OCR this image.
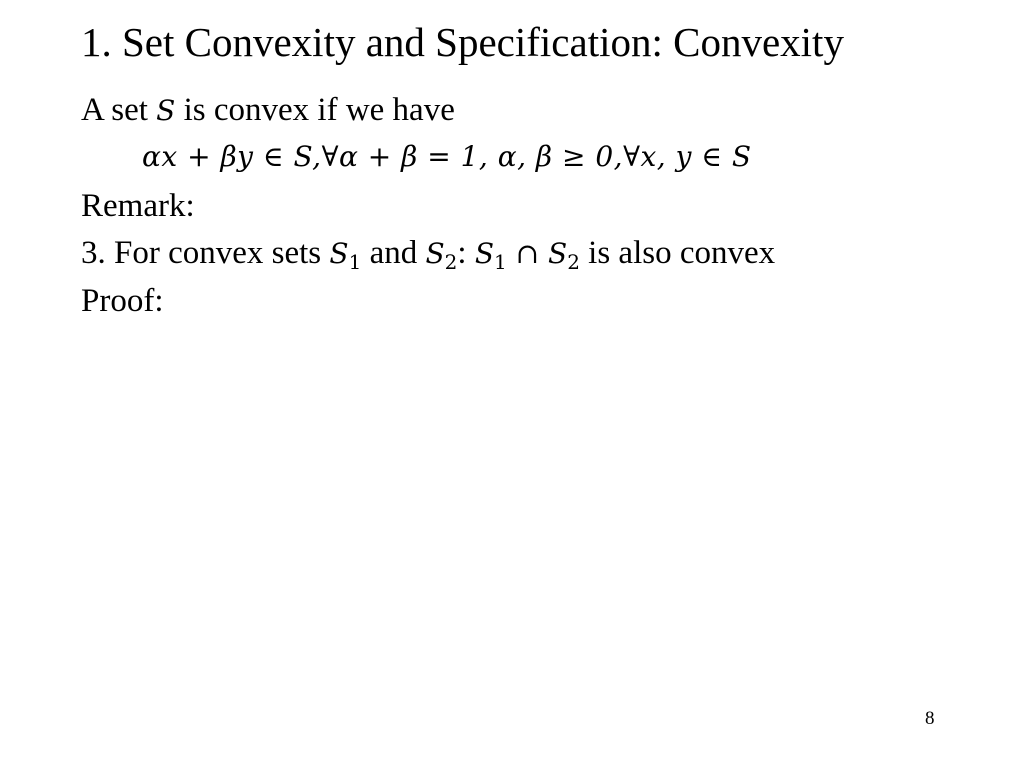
1. Set Convexity and Specification: Convexity
A set S is convex if we have
αx + βy ∈ S,∀α + β = 1, α, β ≥ 0,∀x, y ∈ S
Remark:
3. For convex sets $S_1$ and $S_2$: $S_1$ ∩ $S_2$ is also convex
Proof:
8
